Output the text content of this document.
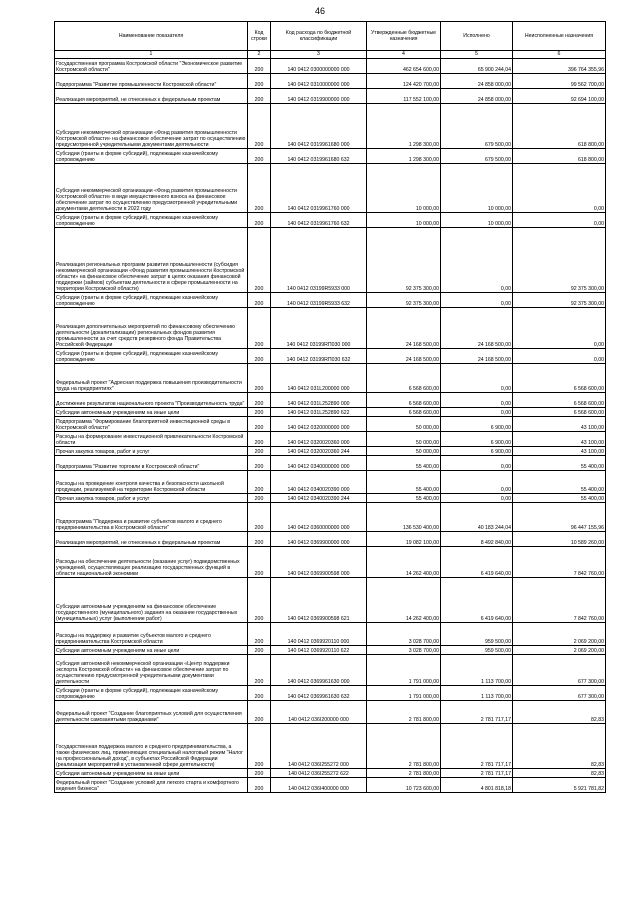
46
Наименование показателя	Код строки	Код расхода по бюджетной классификации	Утвержденные бюджетные назначения	Исполнено	Неисполненные назначения
1	2	3	4	5	6
Государственная программа Костромской области "Экономическое развитие Костромской области"	200	140 0412 0300000000 000	462 654 600,00	65 900 244,04	396 764 355,96
Подпрограмма "Развитие промышленности Костромской области"	200	140 0412 0310000000 000	124 420 700,00	24 858 000,00	99 562 700,00
Реализация мероприятий, не отнесенных к федеральным проектам	200	140 0412 0319900000 000	117 552 100,00	24 858 000,00	92 694 100,00
Субсидия некоммерческой организации «Фонд развития промышленности Костромской области» на финансовое обеспечение затрат по осуществлению предусмотренной учредительными документами деятельности	200	140 0412 0319961680 000	1 298 300,00	679 500,00	618 800,00
Субсидии (гранты в форме субсидий), подлежащие казначейскому сопровождению	200	140 0412 0319961680 632	1 298 300,00	679 500,00	618 800,00
Субсидия некоммерческой организации «Фонд развития промышленности Костромской области» в виде имущественного взноса на финансовое обеспечение затрат по осуществлению предусмотренной учредительными документами деятельности в 2022 году	200	140 0412 0319961760 000	10 000,00	10 000,00	0,00
Субсидии (гранты в форме субсидий), подлежащие казначейскому сопровождению	200	140 0412 0319961760 632	10 000,00	10 000,00	0,00
Реализация региональных программ развития промышленности (субсидия некоммерческой организации «Фонд развития промышленности Костромской области» на финансовое обеспечение затрат в целях оказания финансовой поддержки (займов) субъектам деятельности в сфере промышленности на территории Костромской области)	200	140 0412 03199R5933 000	92 375 300,00	0,00	92 375 300,00
Субсидии (гранты в форме субсидий), подлежащие казначейскому сопровождению	200	140 0412 03199R5933 632	92 375 300,00	0,00	92 375 300,00
Реализация дополнительных мероприятий по финансовому обеспечению деятельности (докапитализации) региональных фондов развития промышленности за счет средств резервного фонда Правительства Российской Федерации	200	140 0412 03199RП030 000	24 168 500,00	24 168 500,00	0,00
Субсидии (гранты в форме субсидий), подлежащие казначейскому сопровождению	200	140 0412 03199RП030 632	24 168 500,00	24 168 500,00	0,00
Федеральный проект "Адресная поддержка повышения производительности труда на предприятиях"	200	140 0412 031L200000 000	6 568 600,00	0,00	6 568 600,00
Достижение результатов национального проекта "Производительность труда"	200	140 0412 031L252890 000	6 568 600,00	0,00	6 568 600,00
Субсидии автономным учреждениям на иные цели	200	140 0412 031L252890 622	6 568 600,00	0,00	6 568 600,00
Подпрограмма "Формирование благоприятной инвестиционной среды в Костромской области"	200	140 0412 0320000000 000	50 000,00	6 900,00	43 100,00
Расходы на формирование инвестиционной привлекательности Костромской области	200	140 0412 0320020360 000	50 000,00	6 900,00	43 100,00
Прочая закупка товаров, работ и услуг	200	140 0412 0320020360 244	50 000,00	6 900,00	43 100,00
Подпрограмма "Развитие торговли в Костромской области"	200	140 0412 0340000000 000	55 400,00	0,00	55 400,00
Расходы на проведение контроля качества и безопасности школьной продукции, реализуемой на территории Костромской области	200	140 0412 0340020390 000	55 400,00	0,00	55 400,00
Прочая закупка товаров, работ и услуг	200	140 0412 0340020390 244	55 400,00	0,00	55 400,00
Подпрограмма "Поддержка и развитие субъектов малого и среднего предпринимательства в Костромской области"	200	140 0412 0360000000 000	136 530 400,00	40 183 244,04	96 447 155,96
Реализация мероприятий, не отнесенных к федеральным проектам	200	140 0412 0369900000 000	19 082 100,00	8 492 840,00	10 589 260,00
Расходы на обеспечение деятельности (оказание услуг) подведомственных учреждений, осуществляющих реализацию государственных функций в области национальной экономики	200	140 0412 0369900598 000	14 262 400,00	6 419 640,00	7 842 760,00
Субсидии автономным учреждениям на финансовое обеспечение государственного (муниципального) задания на оказание государственных (муниципальных) услуг (выполнение работ)	200	140 0412 0369900598 621	14 262 400,00	6 419 640,00	7 842 760,00
Расходы на поддержку и развитие субъектов малого и среднего предпринимательства Костромской области	200	140 0412 0369920110 000	3 028 700,00	959 500,00	2 069 200,00
Субсидии автономным учреждениям на иные цели	200	140 0412 0369920110 622	3 028 700,00	959 500,00	2 069 200,00
Субсидия автономной некоммерческой организации «Центр поддержки экспорта Костромской области» на финансовое обеспечение затрат по осуществлению предусмотренной учредительными документами деятельности	200	140 0412 0369961630 000	1 791 000,00	1 113 700,00	677 300,00
Субсидии (гранты в форме субсидий), подлежащие казначейскому сопровождению	200	140 0412 0369961630 632	1 791 000,00	1 113 700,00	677 300,00
Федеральный проект "Создание благоприятных условий для осуществления деятельности самозанятыми гражданами"	200	140 0412 036I200000 000	2 781 800,00	2 781 717,17	82,83
Государственная поддержка малого и среднего предпринимательства, а также физических лиц, применяющих специальный налоговый режим "Налог на профессиональный доход", в субъектах Российской Федерации (реализация мероприятий в установленной сфере деятельности)	200	140 0412 036I255272 000	2 781 800,00	2 781 717,17	82,83
Субсидии автономным учреждениям на иные цели	200	140 0412 036I255272 622	2 781 800,00	2 781 717,17	82,83
Федеральный проект "Создание условий для легкого старта и комфортного ведения бизнеса"	200	140 0412 036I400000 000	10 723 600,00	4 801 818,18	5 921 781,82
